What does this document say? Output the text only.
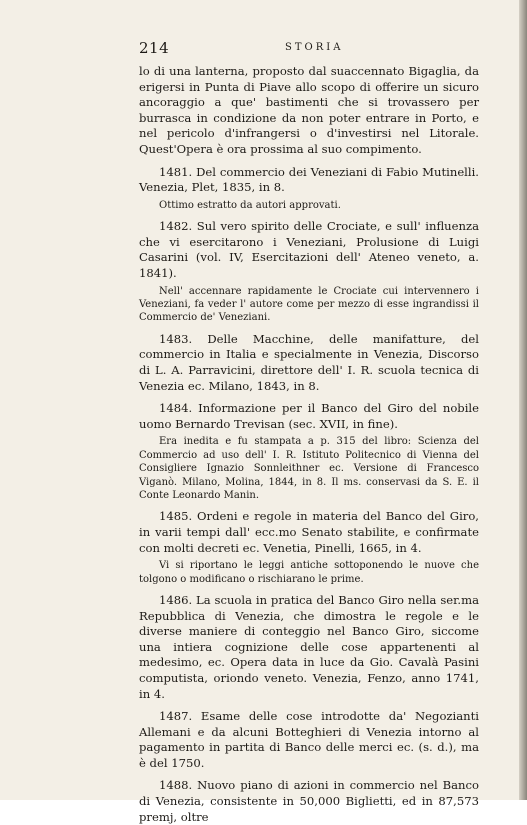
214	STORIA

lo di una lanterna, proposto dal suaccennato Bigaglia, da erigersi in Punta di Piave allo scopo di offerire un sicuro ancoraggio a que' bastimenti che si trovassero per burrasca in condizione da non poter entrare in Porto, e nel pericolo d'infrangersi o d'investirsi nel Litorale. Quest'Opera è ora prossima al suo compimento.

1481. Del commercio dei Veneziani di Fabio Mutinelli. Venezia, Plet, 1835, in 8.

Ottimo estratto da autori approvati.

1482. Sul vero spirito delle Crociate, e sull' influenza che vi esercitarono i Veneziani, Prolusione di Luigi Casarini (vol. IV, Esercitazioni dell' Ateneo veneto, a. 1841).

Nell' accennare rapidamente le Crociate cui intervennero i Veneziani, fa veder l' autore come per mezzo di esse ingrandissi il Commercio de' Veneziani.

1483. Delle Macchine, delle manifatture, del commercio in Italia e specialmente in Venezia, Discorso di L. A. Parravicini, direttore dell' I. R. scuola tecnica di Venezia ec. Milano, 1843, in 8.

1484. Informazione per il Banco del Giro del nobile uomo Bernardo Trevisan (sec. XVII, in fine).

Era inedita e fu stampata a p. 315 del libro: Scienza del Commercio ad uso dell' I. R. Istituto Politecnico di Vienna del Consigliere Ignazio Sonnleithner ec. Versione di Francesco Viganò. Milano, Molina, 1844, in 8. Il ms. conservasi da S. E. il Conte Leonardo Manin.

1485. Ordeni e regole in materia del Banco del Giro, in varii tempi dall' ecc.mo Senato stabilite, e confirmate con molti decreti ec. Venetia, Pinelli, 1665, in 4.

Vi si riportano le leggi antiche sottoponendo le nuove che tolgono o modificano o rischiarano le prime.

1486. La scuola in pratica del Banco Giro nella ser.ma Repubblica di Venezia, che dimostra le regole e le diverse maniere di conteggio nel Banco Giro, siccome una intiera cognizione delle cose appartenenti al medesimo, ec. Opera data in luce da Gio. Cavalà Pasini computista, oriondo veneto. Venezia, Fenzo, anno 1741, in 4.

1487. Esame delle cose introdotte da' Negozianti Allemani e da alcuni Botteghieri di Venezia intorno al pagamento in partita di Banco delle merci ec. (s. d.), ma è del 1750.

1488. Nuovo piano di azioni in commercio nel Banco di Venezia, consistente in 50,000 Biglietti, ed in 87,573 premj, oltre
